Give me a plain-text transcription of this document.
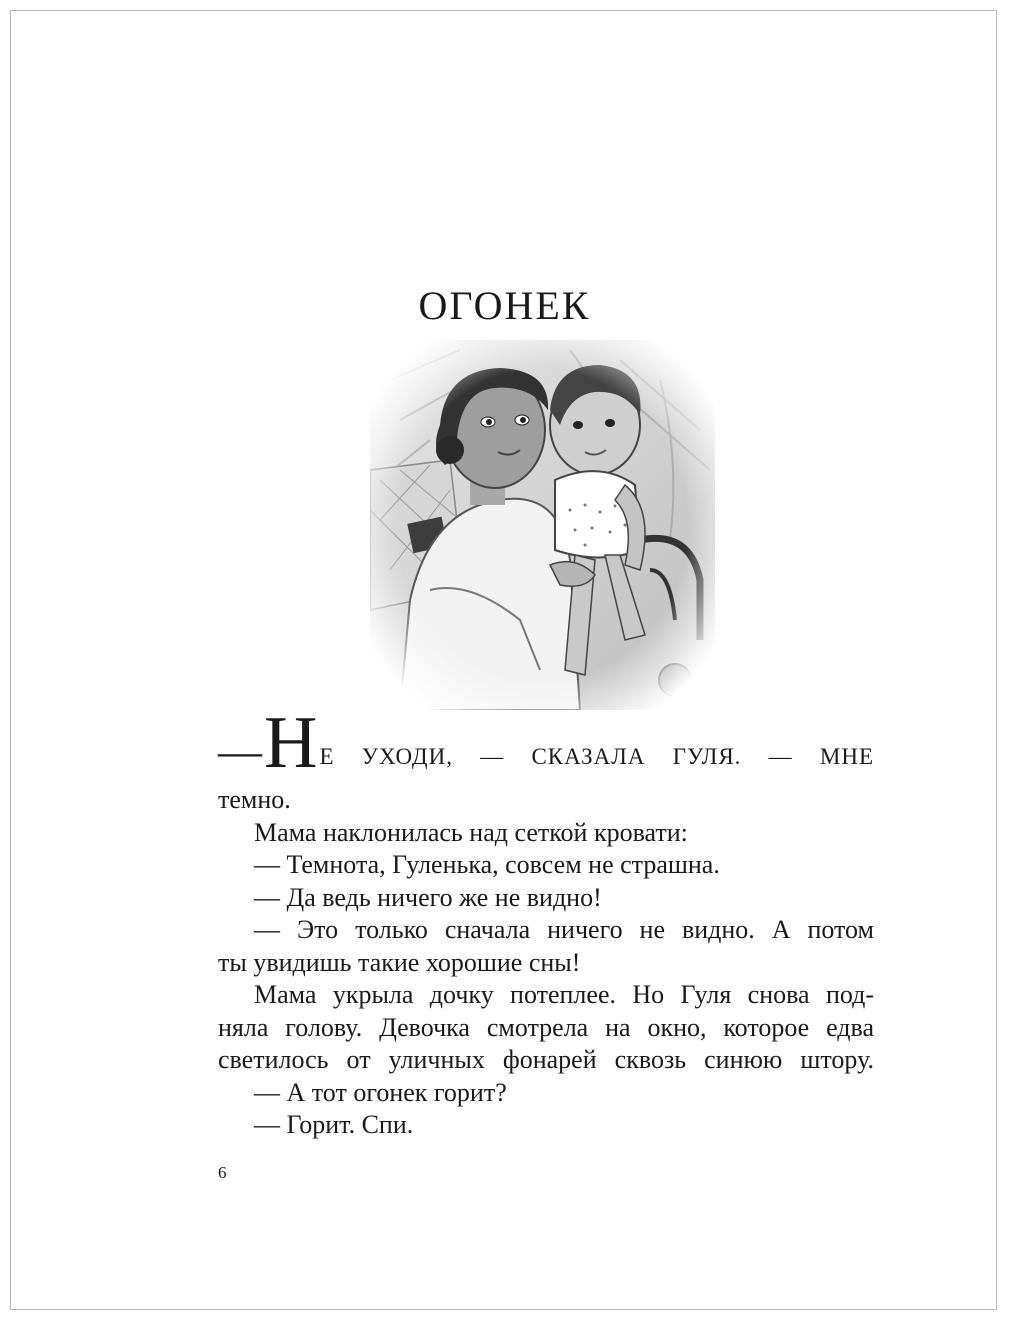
ОГОНЕК
— Н Е УХОДИ, — СКАЗАЛА ГУЛЯ. — МНЕ
темно.
Мама наклонилась над сеткой кровати:
— Темнота, Гуленька, совсем не страшна.
— Да ведь ничего же не видно!
— Это только сначала ничего не видно. А потом
ты увидишь такие хорошие сны!
Мама укрыла дочку потеплее. Но Гуля снова под-
няла голову. Девочка смотрела на окно, которое едва
светилось от уличных фонарей сквозь синюю штору.
— А тот огонек горит?
— Горит. Спи.
6
